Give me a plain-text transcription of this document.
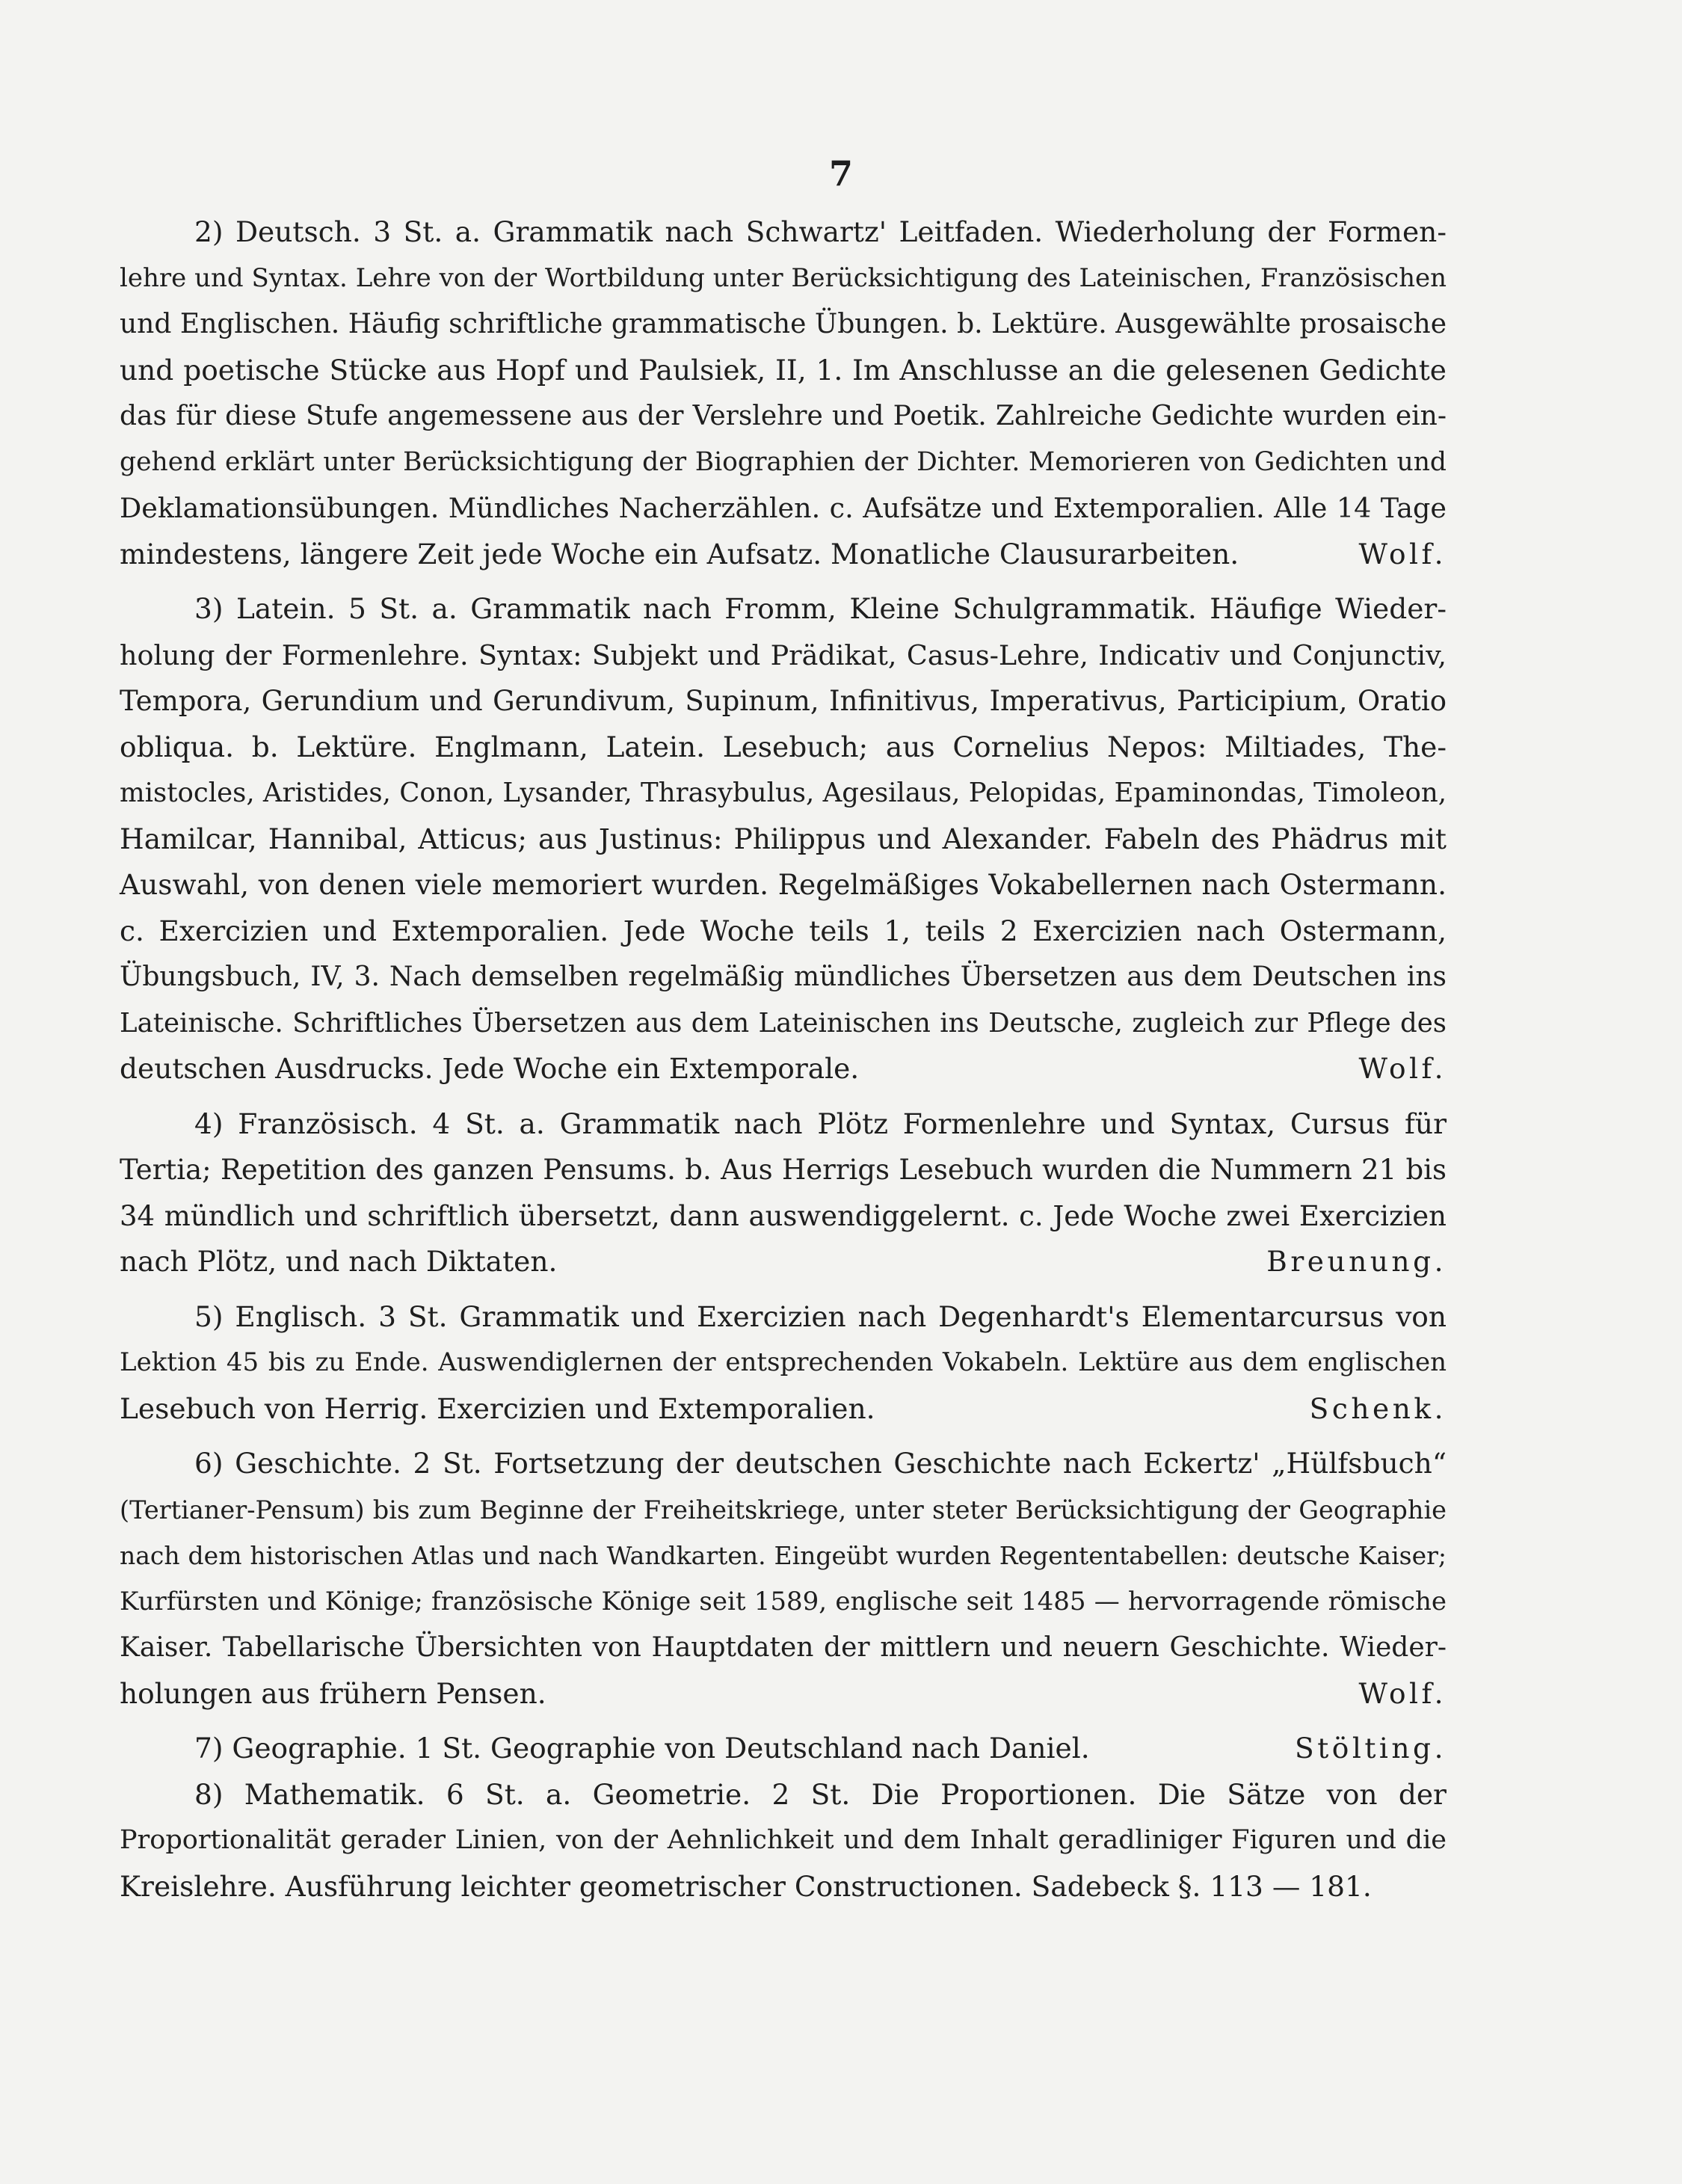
7
2) Deutsch. 3 St. a. Grammatik nach Schwartz' Leitfaden. Wiederholung der Formen-
lehre und Syntax. Lehre von der Wortbildung unter Berücksichtigung des Lateinischen, Französischen
und Englischen. Häufig schriftliche grammatische Übungen. b. Lektüre. Ausgewählte prosaische
und poetische Stücke aus Hopf und Paulsiek, II, 1. Im Anschlusse an die gelesenen Gedichte
das für diese Stufe angemessene aus der Verslehre und Poetik. Zahlreiche Gedichte wurden ein-
gehend erklärt unter Berücksichtigung der Biographien der Dichter. Memorieren von Gedichten und
Deklamationsübungen. Mündliches Nacherzählen. c. Aufsätze und Extemporalien. Alle 14 Tage
mindestens, längere Zeit jede Woche ein Aufsatz. Monatliche Clausurarbeiten.	Wolf.
3) Latein. 5 St. a. Grammatik nach Fromm, Kleine Schulgrammatik. Häufige Wieder-
holung der Formenlehre. Syntax: Subjekt und Prädikat, Casus-Lehre, Indicativ und Conjunctiv,
Tempora, Gerundium und Gerundivum, Supinum, Infinitivus, Imperativus, Participium, Oratio
obliqua. b. Lektüre. Englmann, Latein. Lesebuch; aus Cornelius Nepos: Miltiades, The-
mistocles, Aristides, Conon, Lysander, Thrasybulus, Agesilaus, Pelopidas, Epaminondas, Timoleon,
Hamilcar, Hannibal, Atticus; aus Justinus: Philippus und Alexander. Fabeln des Phädrus mit
Auswahl, von denen viele memoriert wurden. Regelmäßiges Vokabellernen nach Ostermann.
c. Exercizien und Extemporalien. Jede Woche teils 1, teils 2 Exercizien nach Ostermann,
Übungsbuch, IV, 3. Nach demselben regelmäßig mündliches Übersetzen aus dem Deutschen ins
Lateinische. Schriftliches Übersetzen aus dem Lateinischen ins Deutsche, zugleich zur Pflege des
deutschen Ausdrucks. Jede Woche ein Extemporale.	Wolf.
4) Französisch. 4 St. a. Grammatik nach Plötz Formenlehre und Syntax, Cursus für
Tertia; Repetition des ganzen Pensums. b. Aus Herrigs Lesebuch wurden die Nummern 21 bis
34 mündlich und schriftlich übersetzt, dann auswendiggelernt. c. Jede Woche zwei Exercizien
nach Plötz, und nach Diktaten.	Breunung.
5) Englisch. 3 St. Grammatik und Exercizien nach Degenhardt's Elementarcursus von
Lektion 45 bis zu Ende. Auswendiglernen der entsprechenden Vokabeln. Lektüre aus dem englischen
Lesebuch von Herrig. Exercizien und Extemporalien.	Schenk.
6) Geschichte. 2 St. Fortsetzung der deutschen Geschichte nach Eckertz' „Hülfsbuch“
(Tertianer-Pensum) bis zum Beginne der Freiheitskriege, unter steter Berücksichtigung der Geographie
nach dem historischen Atlas und nach Wandkarten. Eingeübt wurden Regententabellen: deutsche Kaiser;
Kurfürsten und Könige; französische Könige seit 1589, englische seit 1485 — hervorragende römische
Kaiser. Tabellarische Übersichten von Hauptdaten der mittlern und neuern Geschichte. Wieder-
holungen aus frühern Pensen.	Wolf.
7) Geographie. 1 St. Geographie von Deutschland nach Daniel.	Stölting.
8) Mathematik. 6 St. a. Geometrie. 2 St. Die Proportionen. Die Sätze von der
Proportionalität gerader Linien, von der Aehnlichkeit und dem Inhalt geradliniger Figuren und die
Kreislehre. Ausführung leichter geometrischer Constructionen. Sadebeck §. 113 — 181.
